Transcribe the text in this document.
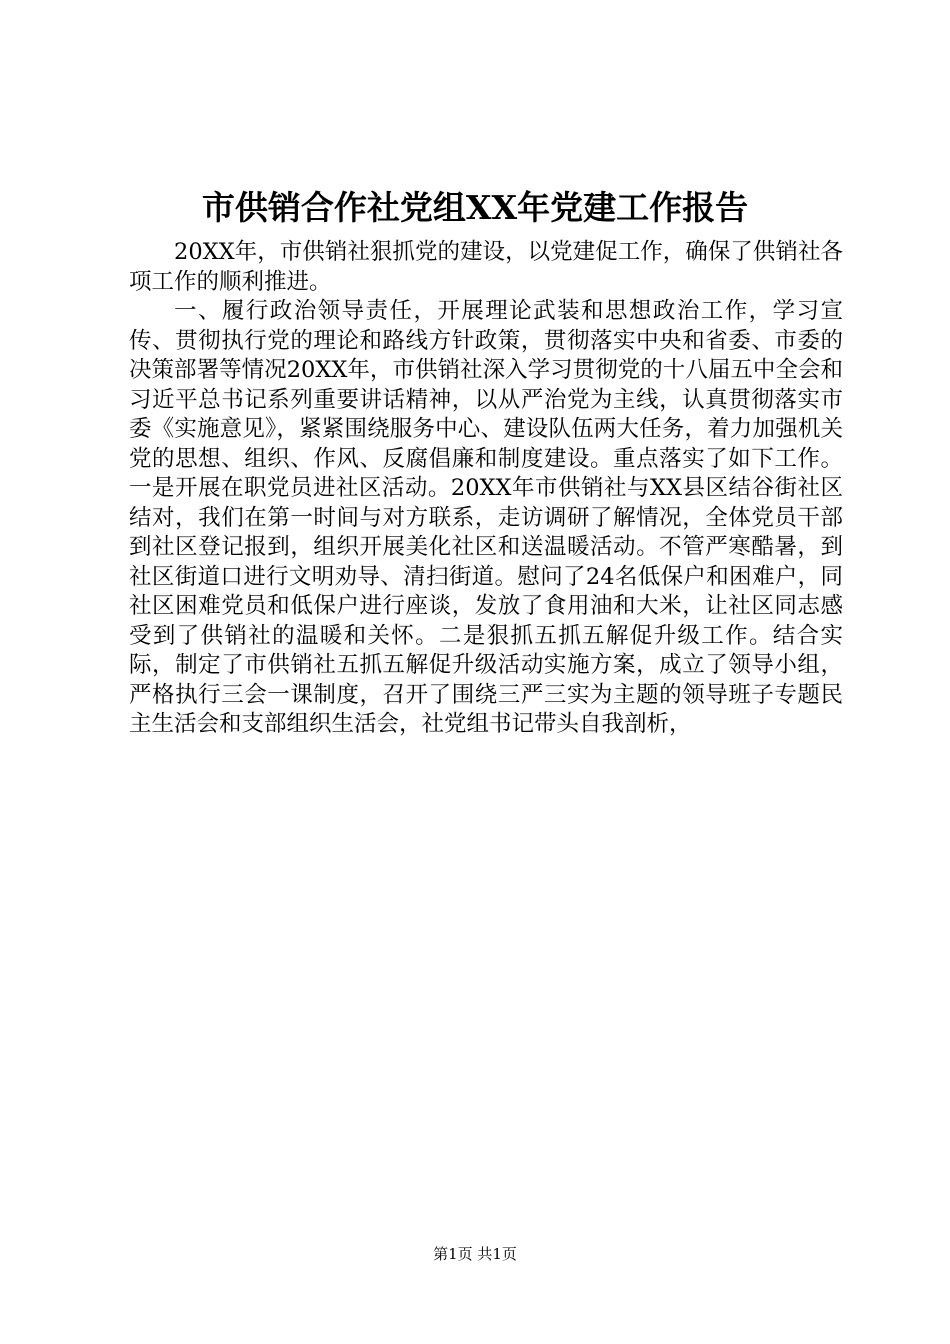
市供销合作社党组XX年党建工作报告

20XX年，市供销社狠抓党的建设，以党建促工作，确保了供销社各项工作的顺利推进。

一、履行政治领导责任，开展理论武装和思想政治工作，学习宣传、贯彻执行党的理论和路线方针政策，贯彻落实中央和省委、市委的决策部署等情况20XX年，市供销社深入学习贯彻党的十八届五中全会和习近平总书记系列重要讲话精神，以从严治党为主线，认真贯彻落实市委《实施意见》，紧紧围绕服务中心、建设队伍两大任务，着力加强机关党的思想、组织、作风、反腐倡廉和制度建设。重点落实了如下工作。一是开展在职党员进社区活动。20XX年市供销社与XX县区结谷街社区结对，我们在第一时间与对方联系，走访调研了解情况，全体党员干部到社区登记报到，组织开展美化社区和送温暖活动。不管严寒酷暑，到社区街道口进行文明劝导、清扫街道。慰问了24名低保户和困难户，同社区困难党员和低保户进行座谈，发放了食用油和大米，让社区同志感受到了供销社的温暖和关怀。二是狠抓五抓五解促升级工作。结合实际，制定了市供销社五抓五解促升级活动实施方案，成立了领导小组，严格执行三会一课制度，召开了围绕三严三实为主题的领导班子专题民主生活会和支部组织生活会，社党组书记带头自我剖析，

第1页 共1页
